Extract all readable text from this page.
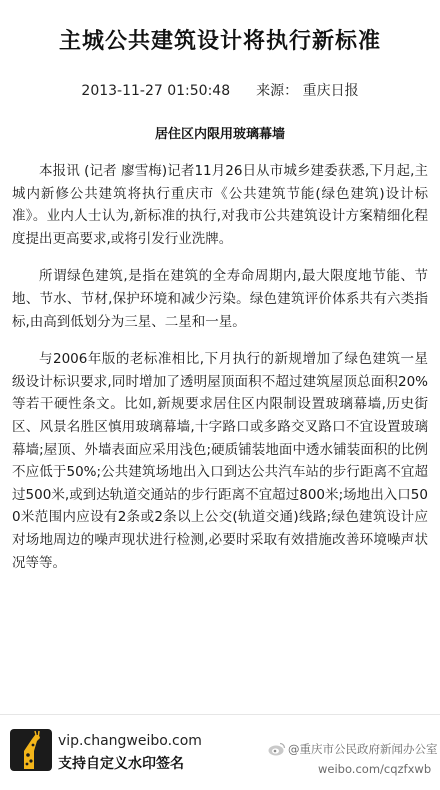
主城公共建筑设计将执行新标准
2013-11-27 01:50:48 来源： 重庆日报
居住区内限用玻璃幕墙

本报讯 (记者 廖雪梅)记者11月26日从市城乡建委获悉,下月起,主城内新修公共建筑将执行重庆市《公共建筑节能(绿色建筑)设计标准》。业内人士认为,新标准的执行,对我市公共建筑设计方案精细化程度提出更高要求,或将引发行业洗牌。

所谓绿色建筑,是指在建筑的全寿命周期内,最大限度地节能、节地、节水、节材,保护环境和减少污染。绿色建筑评价体系共有六类指标,由高到低划分为三星、二星和一星。

与2006年版的老标准相比,下月执行的新规增加了绿色建筑一星级设计标识要求,同时增加了透明屋顶面积不超过建筑屋顶总面积20%等若干硬性条文。比如,新规要求居住区内限制设置玻璃幕墙,历史街区、风景名胜区慎用玻璃幕墙,十字路口或多路交叉路口不宜设置玻璃幕墙;屋顶、外墙表面应采用浅色;硬质铺装地面中透水铺装面积的比例不应低于50%;公共建筑场地出入口到达公共汽车站的步行距离不宜超过500米,或到达轨道交通站的步行距离不宜超过800米;场地出入口500米范围内应设有2条或2条以上公交(轨道交通)线路;绿色建筑设计应对场地周边的噪声现状进行检测,必要时采取有效措施改善环境噪声状况等等。

vip.changweibo.com
支持自定义水印签名
@重庆市公民政府新闻办公室
weibo.com/cqzfxwb
